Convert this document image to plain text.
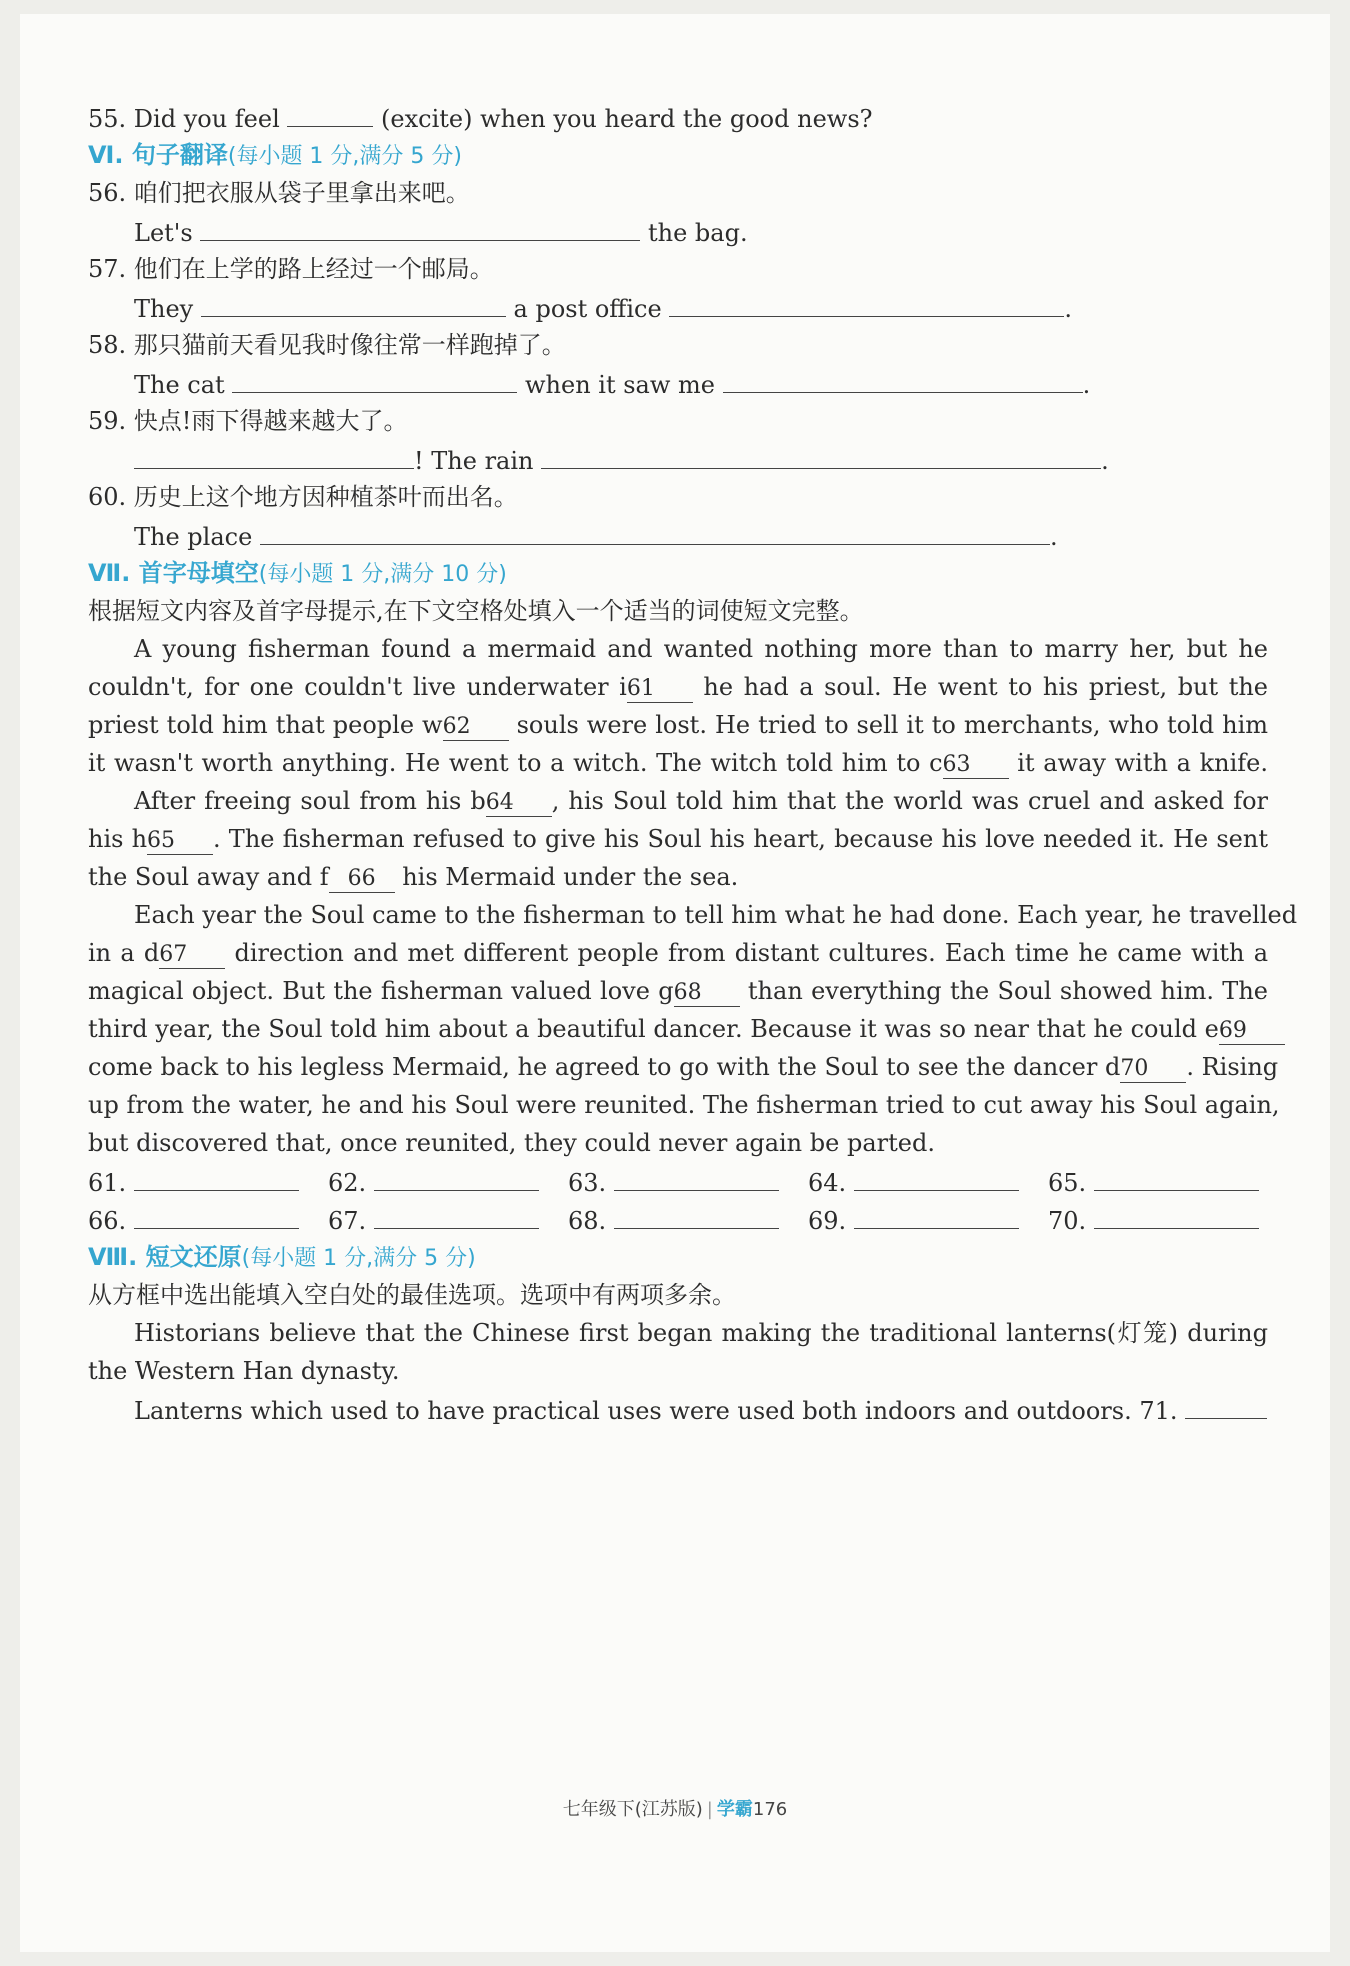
55. Did you feel	(excite) when you heard the good news?
Ⅵ. 句子翻译(每小题 1 分,满分 5 分)
56. 咱们把衣服从袋子里拿出来吧。
Let's	the bag.
57. 他们在上学的路上经过一个邮局。
They	a post office	.
58. 那只猫前天看见我时像往常一样跑掉了。
The cat	when it saw me	.
59. 快点!雨下得越来越大了。
! The rain	.
60. 历史上这个地方因种植茶叶而出名。
The place	.
Ⅶ. 首字母填空(每小题 1 分,满分 10 分)
根据短文内容及首字母提示,在下文空格处填入一个适当的词使短文完整。
A young fisherman found a mermaid and wanted nothing more than to marry her, but he
couldn't, for one couldn't live underwater i61 he had a soul. He went to his priest, but the
priest told him that people w62 souls were lost. He tried to sell it to merchants, who told him
it wasn't worth anything. He went to a witch. The witch told him to c63 it away with a knife.
After freeing soul from his b64 , his Soul told him that the world was cruel and asked for
his h65 . The fisherman refused to give his Soul his heart, because his love needed it. He sent
the Soul away and f 66 his Mermaid under the sea.
Each year the Soul came to the fisherman to tell him what he had done. Each year, he travelled
in a d67 direction and met different people from distant cultures. Each time he came with a
magical object. But the fisherman valued love g68 than everything the Soul showed him. The
third year, the Soul told him about a beautiful dancer. Because it was so near that he could e69
come back to his legless Mermaid, he agreed to go with the Soul to see the dancer d70 . Rising
up from the water, he and his Soul were reunited. The fisherman tried to cut away his Soul again,
but discovered that, once reunited, they could never again be parted.
61.	62.	63.	64.	65.
66.	67.	68.	69.	70.
Ⅷ. 短文还原(每小题 1 分,满分 5 分)
从方框中选出能填入空白处的最佳选项。选项中有两项多余。
Historians believe that the Chinese first began making the traditional lanterns(灯笼) during
the Western Han dynasty.
Lanterns which used to have practical uses were used both indoors and outdoors. 71.
七年级下(江苏版) | 学霸176
